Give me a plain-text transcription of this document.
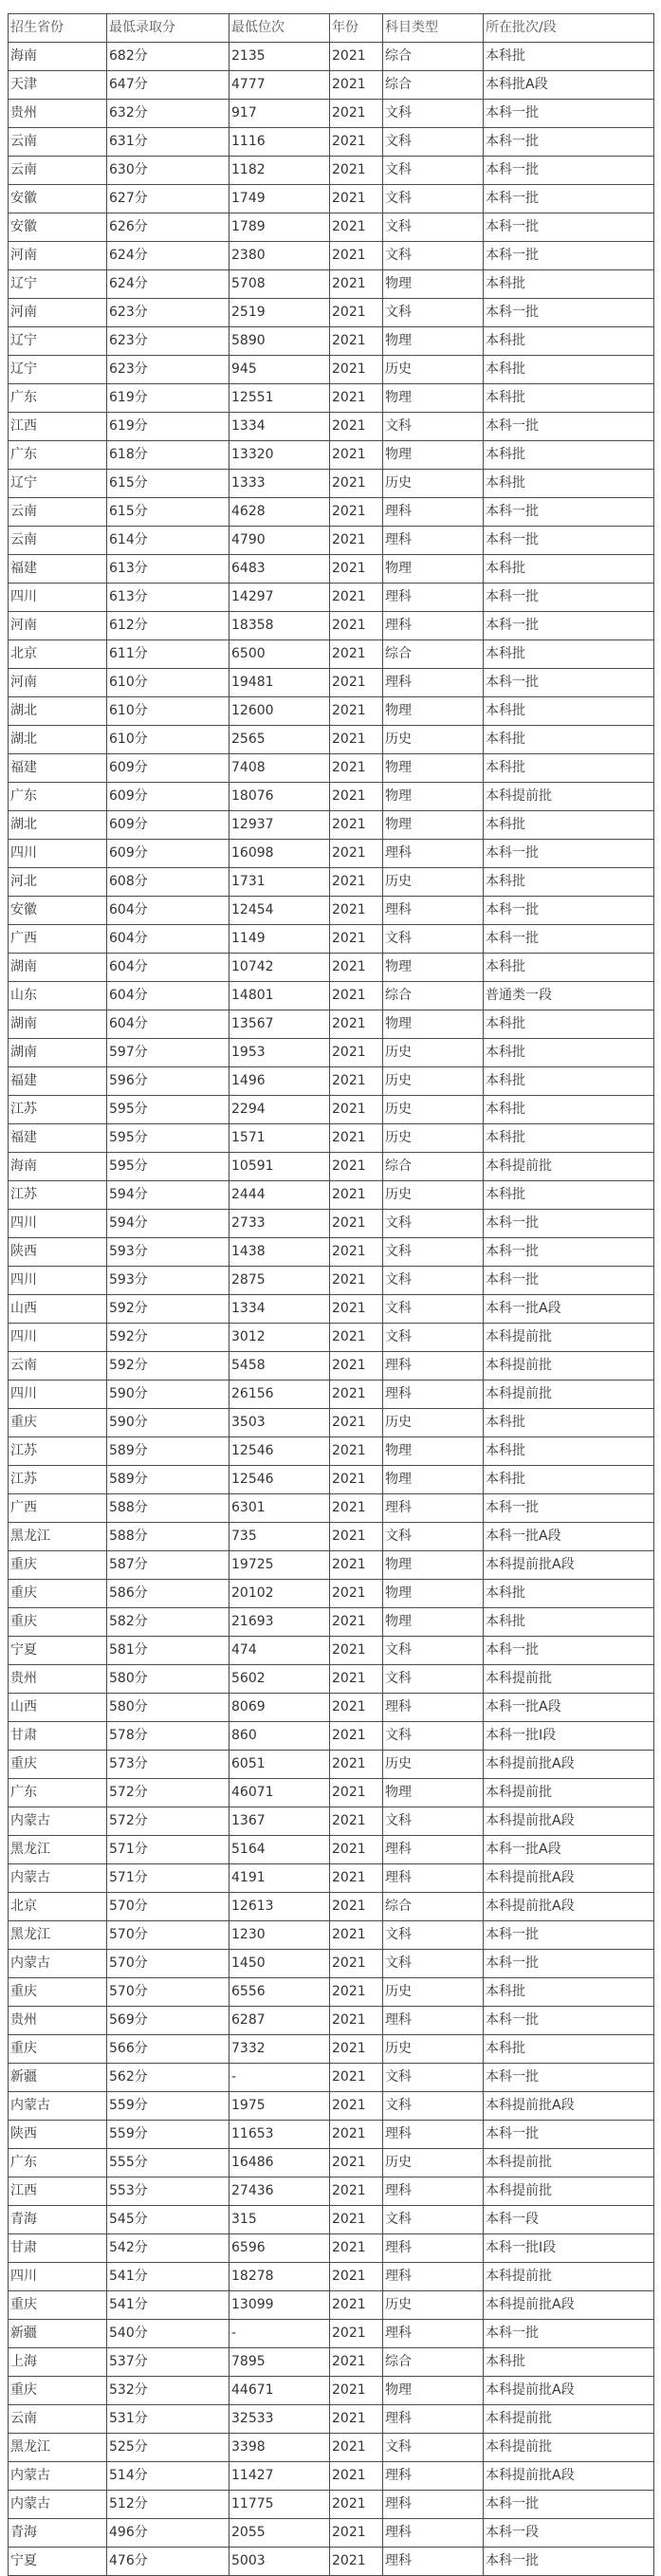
招生省份	最低录取分	最低位次	年份	科目类型	所在批次/段
海南	682分	2135	2021	综合	本科批
天津	647分	4777	2021	综合	本科批A段
贵州	632分	917	2021	文科	本科一批
云南	631分	1116	2021	文科	本科一批
云南	630分	1182	2021	文科	本科一批
安徽	627分	1749	2021	文科	本科一批
安徽	626分	1789	2021	文科	本科一批
河南	624分	2380	2021	文科	本科一批
辽宁	624分	5708	2021	物理	本科批
河南	623分	2519	2021	文科	本科一批
辽宁	623分	5890	2021	物理	本科批
辽宁	623分	945	2021	历史	本科批
广东	619分	12551	2021	物理	本科批
江西	619分	1334	2021	文科	本科一批
广东	618分	13320	2021	物理	本科批
辽宁	615分	1333	2021	历史	本科批
云南	615分	4628	2021	理科	本科一批
云南	614分	4790	2021	理科	本科一批
福建	613分	6483	2021	物理	本科批
四川	613分	14297	2021	理科	本科一批
河南	612分	18358	2021	理科	本科一批
北京	611分	6500	2021	综合	本科批
河南	610分	19481	2021	理科	本科一批
湖北	610分	12600	2021	物理	本科批
湖北	610分	2565	2021	历史	本科批
福建	609分	7408	2021	物理	本科批
广东	609分	18076	2021	物理	本科提前批
湖北	609分	12937	2021	物理	本科批
四川	609分	16098	2021	理科	本科一批
河北	608分	1731	2021	历史	本科批
安徽	604分	12454	2021	理科	本科一批
广西	604分	1149	2021	文科	本科一批
湖南	604分	10742	2021	物理	本科批
山东	604分	14801	2021	综合	普通类一段
湖南	604分	13567	2021	物理	本科批
湖南	597分	1953	2021	历史	本科批
福建	596分	1496	2021	历史	本科批
江苏	595分	2294	2021	历史	本科批
福建	595分	1571	2021	历史	本科批
海南	595分	10591	2021	综合	本科提前批
江苏	594分	2444	2021	历史	本科批
四川	594分	2733	2021	文科	本科一批
陕西	593分	1438	2021	文科	本科一批
四川	593分	2875	2021	文科	本科一批
山西	592分	1334	2021	文科	本科一批A段
四川	592分	3012	2021	文科	本科提前批
云南	592分	5458	2021	理科	本科提前批
四川	590分	26156	2021	理科	本科提前批
重庆	590分	3503	2021	历史	本科批
江苏	589分	12546	2021	物理	本科批
江苏	589分	12546	2021	物理	本科批
广西	588分	6301	2021	理科	本科一批
黑龙江	588分	735	2021	文科	本科一批A段
重庆	587分	19725	2021	物理	本科提前批A段
重庆	586分	20102	2021	物理	本科批
重庆	582分	21693	2021	物理	本科批
宁夏	581分	474	2021	文科	本科一批
贵州	580分	5602	2021	文科	本科提前批
山西	580分	8069	2021	理科	本科一批A段
甘肃	578分	860	2021	文科	本科一批I段
重庆	573分	6051	2021	历史	本科提前批A段
广东	572分	46071	2021	物理	本科提前批
内蒙古	572分	1367	2021	文科	本科提前批A段
黑龙江	571分	5164	2021	理科	本科一批A段
内蒙古	571分	4191	2021	理科	本科提前批A段
北京	570分	12613	2021	综合	本科提前批A段
黑龙江	570分	1230	2021	文科	本科一批
内蒙古	570分	1450	2021	文科	本科一批
重庆	570分	6556	2021	历史	本科批
贵州	569分	6287	2021	理科	本科一批
重庆	566分	7332	2021	历史	本科批
新疆	562分	-	2021	文科	本科一批
内蒙古	559分	1975	2021	文科	本科提前批A段
陕西	559分	11653	2021	理科	本科一批
广东	555分	16486	2021	历史	本科提前批
江西	553分	27436	2021	理科	本科提前批
青海	545分	315	2021	文科	本科一段
甘肃	542分	6596	2021	理科	本科一批I段
四川	541分	18278	2021	理科	本科提前批
重庆	541分	13099	2021	历史	本科提前批A段
新疆	540分	-	2021	理科	本科一批
上海	537分	7895	2021	综合	本科批
重庆	532分	44671	2021	物理	本科提前批A段
云南	531分	32533	2021	理科	本科提前批
黑龙江	525分	3398	2021	文科	本科提前批
内蒙古	514分	11427	2021	理科	本科提前批A段
内蒙古	512分	11775	2021	理科	本科一批
青海	496分	2055	2021	理科	本科一段
宁夏	476分	5003	2021	理科	本科一批
